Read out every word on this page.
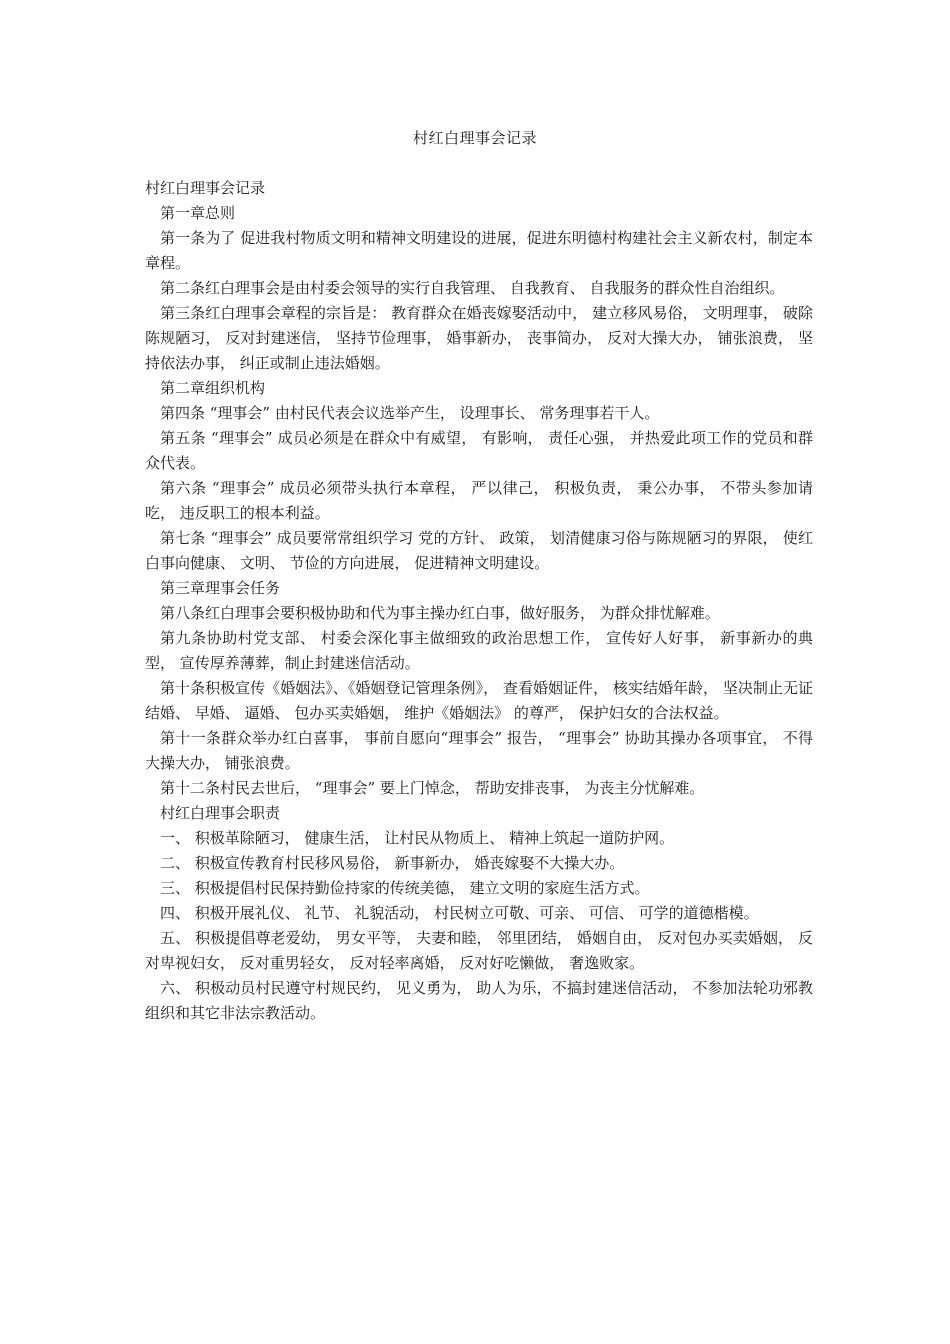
村红白理事会记录

村红白理事会记录

第一章总则

第一条为了 促进我村物质文明和精神文明建设的进展，促进东明德村构建社会主义新农村，制定本章程。

第二条红白理事会是由村委会领导的实行自我管理、 自我教育、 自我服务的群众性自治组织。

第三条红白理事会章程的宗旨是： 教育群众在婚丧嫁娶活动中， 建立移风易俗， 文明理事， 破除陈规陋习， 反对封建迷信， 坚持节俭理事， 婚事新办， 丧事简办， 反对大操大办， 铺张浪费， 坚持依法办事， 纠正或制止违法婚姻。

第二章组织机构

第四条 “理事会” 由村民代表会议选举产生， 设理事长、 常务理事若干人。

第五条 “理事会” 成员必须是在群众中有威望， 有影响， 责任心强， 并热爱此项工作的党员和群众代表。

第六条 “理事会” 成员必须带头执行本章程， 严以律己， 积极负责， 秉公办事， 不带头参加请吃， 违反职工的根本利益。

第七条 “理事会” 成员要常常组织学习 党的方针、 政策， 划清健康习俗与陈规陋习的界限， 使红白事向健康、 文明、 节俭的方向进展， 促进精神文明建设。

第三章理事会任务

第八条红白理事会要积极协助和代为事主操办红白事，做好服务， 为群众排忧解难。

第九条协助村党支部、 村委会深化事主做细致的政治思想工作， 宣传好人好事， 新事新办的典型， 宣传厚养薄葬，制止封建迷信活动。

第十条积极宣传《婚姻法》、《婚姻登记管理条例》， 查看婚姻证件， 核实结婚年龄， 坚决制止无证结婚、 早婚、 逼婚、 包办买卖婚姻， 维护《婚姻法》 的尊严， 保护妇女的合法权益。

第十一条群众举办红白喜事， 事前自愿向“理事会” 报告， “理事会” 协助其操办各项事宜， 不得大操大办， 铺张浪费。

第十二条村民去世后， “理事会” 要上门悼念， 帮助安排丧事， 为丧主分忧解难。

村红白理事会职责

一、 积极革除陋习， 健康生活， 让村民从物质上、 精神上筑起一道防护网。

二、 积极宣传教育村民移风易俗， 新事新办， 婚丧嫁娶不大操大办。

三、 积极提倡村民保持勤俭持家的传统美德， 建立文明的家庭生活方式。

四、 积极开展礼仪、 礼节、 礼貌活动， 村民树立可敬、可亲、 可信、 可学的道德楷模。

五、 积极提倡尊老爱幼， 男女平等， 夫妻和睦， 邻里团结， 婚姻自由， 反对包办买卖婚姻， 反对卑视妇女， 反对重男轻女， 反对轻率离婚， 反对好吃懒做， 奢逸败家。

六、 积极动员村民遵守村规民约， 见义勇为， 助人为乐，不搞封建迷信活动， 不参加法轮功邪教组织和其它非法宗教活动。
